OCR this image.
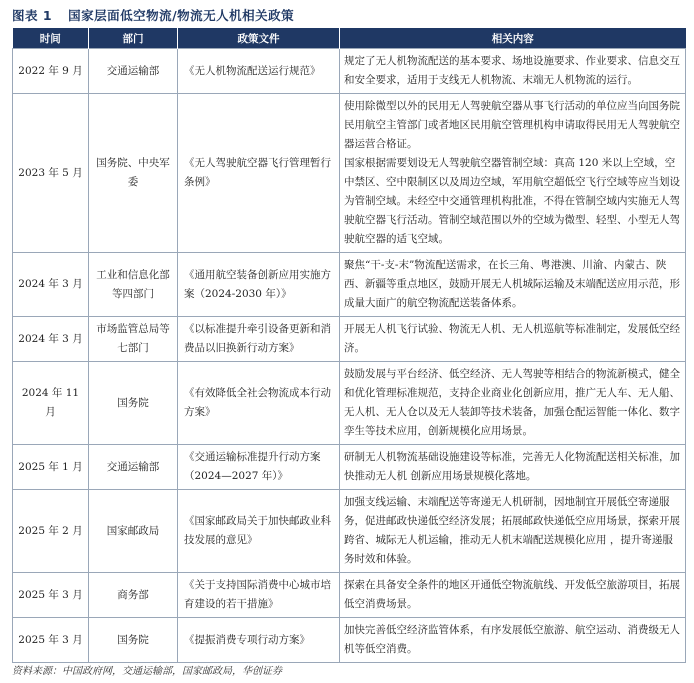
图表 1 国家层面低空物流/物流无人机相关政策
时间	部门	政策文件	相关内容
2022 年 9 月	交通运输部	《无人机物流配送运行规范》	规定了无人机物流配送的基本要求、场地设施要求、作业要求、信息交互和安全要求，适用于支线无人机物流、末端无人机物流的运行。

2023 年 5 月	国务院、中央军委	《无人驾驶航空器飞行管理暂行条例》	使用除微型以外的民用无人驾驶航空器从事飞行活动的单位应当向国务院民用航空主管部门或者地区民用航空管理机构申请取得民用无人驾驶航空器运营合格证。
国家根据需要划设无人驾驶航空器管制空域：真高 120 米以上空域，空中禁区、空中限制区以及周边空域，军用航空超低空飞行空域等应当划设为管制空域。未经空中交通管理机构批准，不得在管制空域内实施无人驾驶航空器飞行活动。管制空域范围以外的空域为微型、轻型、小型无人驾驶航空器的适飞空域。

2024 年 3 月	工业和信息化部等四部门	《通用航空装备创新应用实施方案（2024-2030 年）》	聚焦“干-支-末”物流配送需求，在长三角、粤港澳、川渝、内蒙古、陕西、新疆等重点地区，鼓励开展无人机城际运输及末端配送应用示范，形成量大面广的航空物流配送装备体系。

2024 年 3 月	市场监管总局等七部门	《以标准提升牵引设备更新和消费品以旧换新行动方案》	开展无人机飞行试验、物流无人机、无人机巡航等标准制定，发展低空经济。

2024 年 11 月	国务院	《有效降低全社会物流成本行动方案》	鼓励发展与平台经济、低空经济、无人驾驶等相结合的物流新模式，健全和优化管理标准规范，支持企业商业化创新应用，推广无人车、无人船、无人机、无人仓以及无人装卸等技术装备，加强仓配运智能一体化、数字孪生等技术应用，创新规模化应用场景。

2025 年 1 月	交通运输部	《交通运输标准提升行动方案（2024—2027 年）》	研制无人机物流基础设施建设等标准，完善无人化物流配送相关标准，加快推动无人机 创新应用场景规模化落地。

2025 年 2 月	国家邮政局	《国家邮政局关于加快邮政业科技发展的意见》	加强支线运输、末端配送等寄递无人机研制，因地制宜开展低空寄递服务，促进邮政快递低空经济发展；拓展邮政快递低空应用场景，探索开展跨省、城际无人机运输，推动无人机末端配送规模化应用 ，提升寄递服务时效和体验。

2025 年 3 月	商务部	《关于支持国际消费中心城市培育建设的若干措施》	探索在具备安全条件的地区开通低空物流航线、开发低空旅游项目，拓展低空消费场景。

2025 年 3 月	国务院	《提振消费专项行动方案》	加快完善低空经济监管体系，有序发展低空旅游、航空运动、消费级无人机等低空消费。
资料来源：中国政府网，交通运输部，国家邮政局，华创证券
